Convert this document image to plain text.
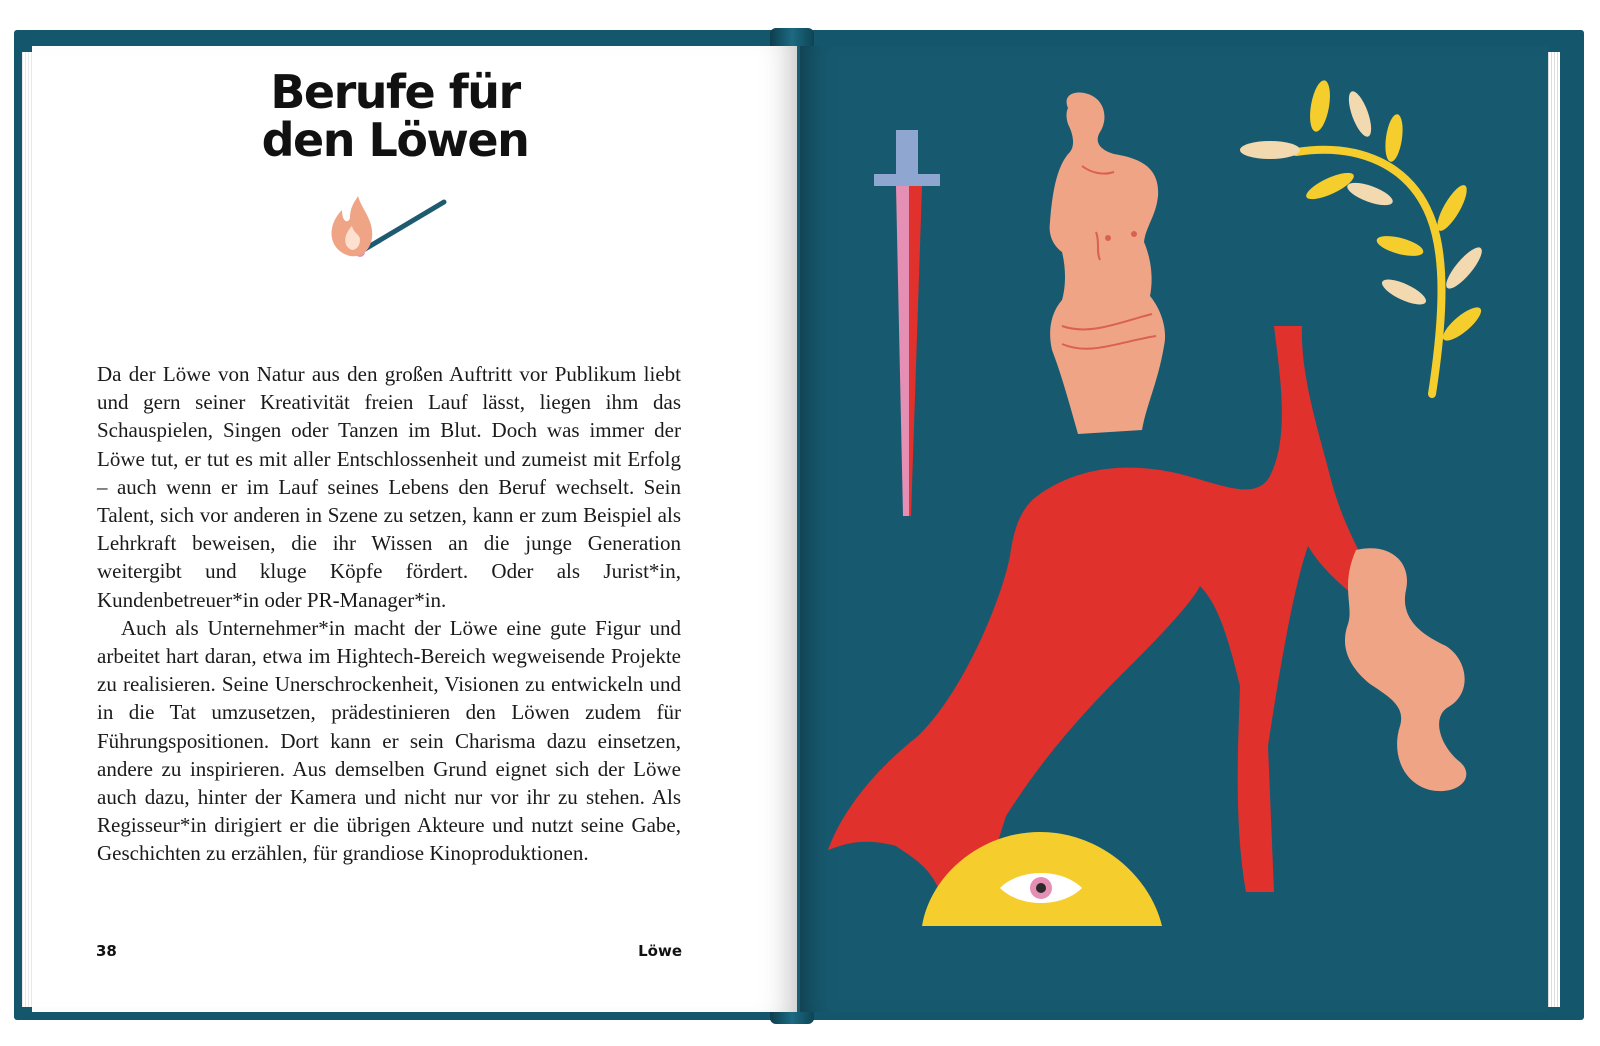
Berufe für den Löwen

Da der Löwe von Natur aus den großen Auftritt vor Publikum liebt und gern seiner Kreativität freien Lauf lässt, liegen ihm das Schauspielen, Singen oder Tanzen im Blut. Doch was immer der Löwe tut, er tut es mit aller Entschlossenheit und zumeist mit Erfolg – auch wenn er im Lauf seines Lebens den Beruf wechselt. Sein Talent, sich vor anderen in Szene zu setzen, kann er zum Beispiel als Lehrkraft beweisen, die ihr Wissen an die junge Generation weitergibt und kluge Köpfe fördert. Oder als Jurist*in, Kundenbetreuer*in oder PR-Manager*in.

Auch als Unternehmer*in macht der Löwe eine gute Figur und arbeitet hart daran, etwa im Hightech-Bereich wegweisende Projekte zu realisieren. Seine Unerschrockenheit, Visionen zu entwickeln und in die Tat umzusetzen, prädestinieren den Löwen zudem für Führungspositionen. Dort kann er sein Charisma dazu einsetzen, andere zu inspirieren. Aus demselben Grund eignet sich der Löwe auch dazu, hinter der Kamera und nicht nur vor ihr zu stehen. Als Regisseur*in dirigiert er die übrigen Akteure und nutzt seine Gabe, Geschichten zu erzählen, für grandiose Kinoproduktionen.

38	Löwe
